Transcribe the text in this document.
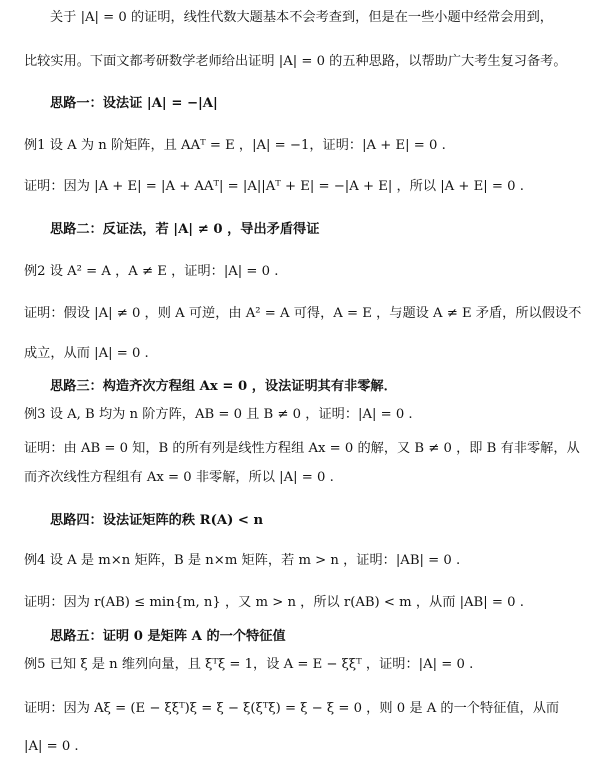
关于 |A| = 0 的证明，线性代数大题基本不会考查到，但是在一些小题中经常会用到，
比较实用。下面文都考研数学老师给出证明 |A| = 0 的五种思路，以帮助广大考生复习备考。
思路一：设法证 |A| = −|A|
例1 设 A 为 n 阶矩阵，且 AAᵀ = E ，|A| = −1，证明：|A + E| = 0 .
证明：因为 |A + E| = |A + AAᵀ| = |A||Aᵀ + E| = −|A + E| ，所以 |A + E| = 0 .
思路二：反证法，若 |A| ≠ 0 ，导出矛盾得证
例2 设 A² = A ，A ≠ E ，证明：|A| = 0 .
证明：假设 |A| ≠ 0 ，则 A 可逆，由 A² = A 可得，A = E ，与题设 A ≠ E 矛盾，所以假设不
成立，从而 |A| = 0 .
思路三：构造齐次方程组 Ax = 0 ，设法证明其有非零解．
例3 设 A, B 均为 n 阶方阵，AB = 0 且 B ≠ 0 ，证明：|A| = 0 .
证明：由 AB = 0 知，B 的所有列是线性方程组 Ax = 0 的解，又 B ≠ 0 ，即 B 有非零解，从
而齐次线性方程组有 Ax = 0 非零解，所以 |A| = 0 .
思路四：设法证矩阵的秩 R(A) < n
例4 设 A 是 m×n 矩阵，B 是 n×m 矩阵，若 m > n ，证明：|AB| = 0 .
证明：因为 r(AB) ≤ min{m, n} ，又 m > n ，所以 r(AB) < m ，从而 |AB| = 0 .
思路五：证明 0 是矩阵 A 的一个特征值
例5 已知 ξ 是 n 维列向量，且 ξᵀξ = 1，设 A = E − ξξᵀ ，证明：|A| = 0 .
证明：因为 Aξ = (E − ξξᵀ)ξ = ξ − ξ(ξᵀξ) = ξ − ξ = 0 ，则 0 是 A 的一个特征值，从而
|A| = 0 .
